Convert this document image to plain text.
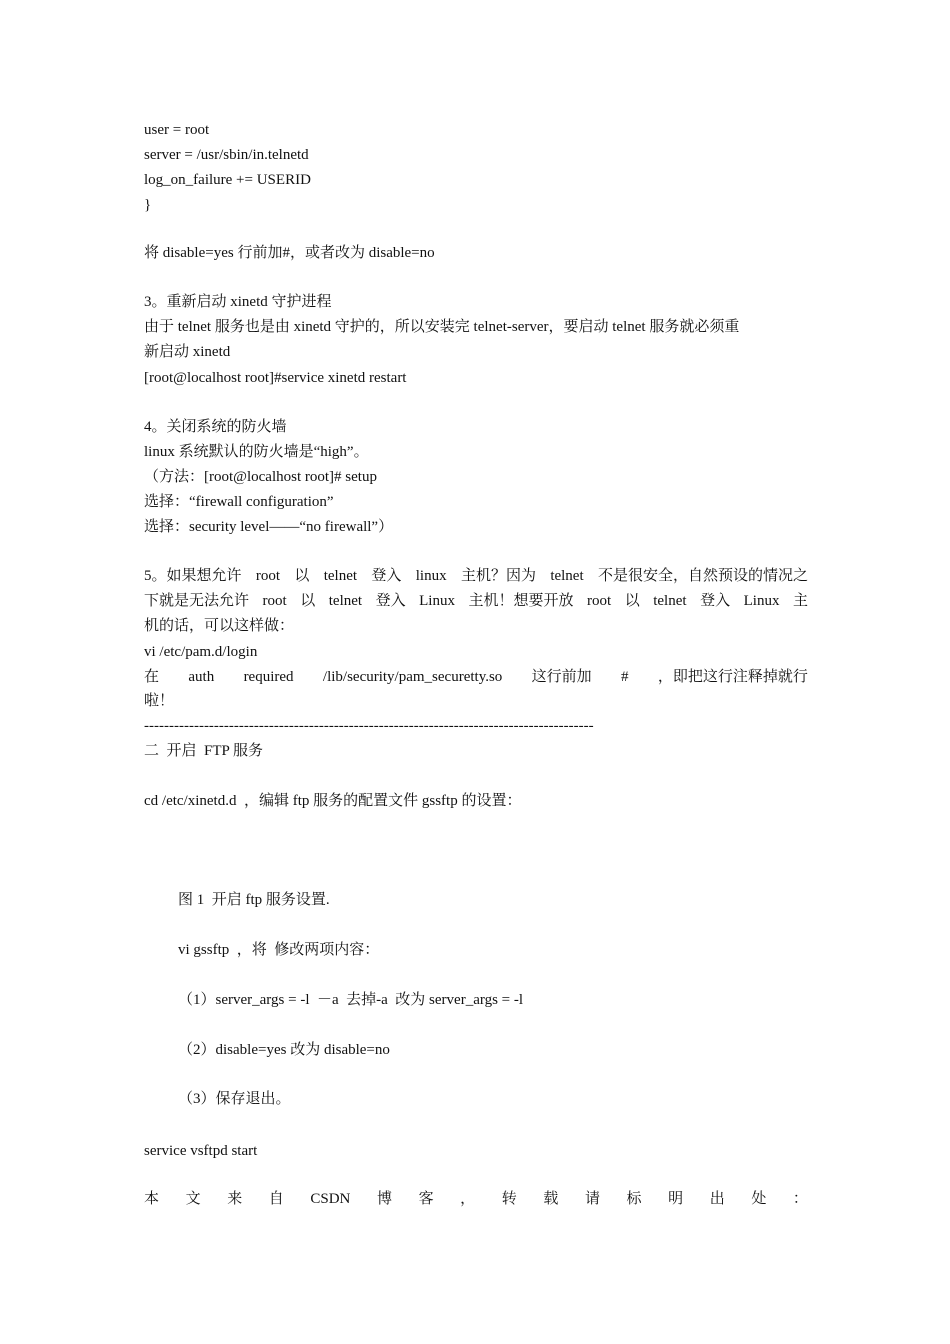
user = root

server = /usr/sbin/in.telnetd

log_on_failure += USERID

}

将 disable=yes 行前加#，或者改为 disable=no

3。重新启动 xinetd 守护进程

由于 telnet 服务也是由 xinetd 守护的，所以安装完 telnet-server，要启动 telnet 服务就必须重

新启动 xinetd

[root@localhost root]#service xinetd restart

4。关闭系统的防火墙

linux 系统默认的防火墙是“high”。

（方法：[root@localhost root]# setup

选择：“firewall configuration”

选择：security level——“no firewall”）

5。如果想允许 root 以 telnet 登入 linux 主机？因为 telnet 不是很安全，自然预设的情况之
下就是无法允许 root 以 telnet 登入 Linux 主机！想要开放 root 以 telnet 登入 Linux 主

机的话，可以这样做：

vi /etc/pam.d/login

在 auth required /lib/security/pam_securetty.so 这行前加 # ，即把这行注释掉就行

啦！

------------------------------------------------------------------------------------------

二  开启  FTP 服务

cd /etc/xinetd.d  ，编辑 ftp 服务的配置文件 gssftp 的设置：

图 1  开启 ftp 服务设置.

vi gssftp  ，将  修改两项内容：

（1）server_args = -l  －a  去掉-a  改为 server_args = -l

（2）disable=yes 改为 disable=no

（3）保存退出。

service vsftpd start

本 文 来 自 CSDN 博 客 ， 转 载 请 标 明 出 处 ：
